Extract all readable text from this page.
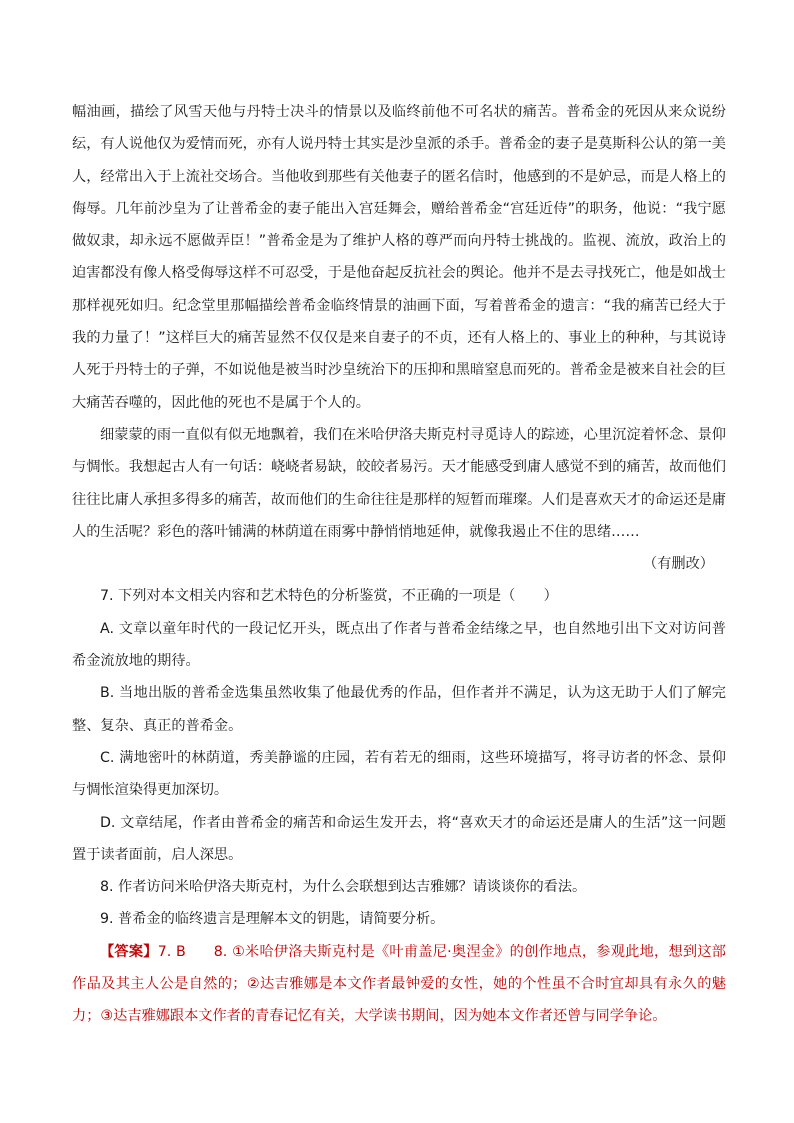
幅油画，描绘了风雪天他与丹特士决斗的情景以及临终前他不可名状的痛苦。普希金的死因从来众说纷纭，有人说他仅为爱情而死，亦有人说丹特士其实是沙皇派的杀手。普希金的妻子是莫斯科公认的第一美人，经常出入于上流社交场合。当他收到那些有关他妻子的匿名信时，他感到的不是妒忌，而是人格上的侮辱。几年前沙皇为了让普希金的妻子能出入宫廷舞会，赠给普希金“宫廷近侍”的职务，他说：“我宁愿做奴隶，却永远不愿做弄臣！”普希金是为了维护人格的尊严而向丹特士挑战的。监视、流放，政治上的迫害都没有像人格受侮辱这样不可忍受，于是他奋起反抗社会的舆论。他并不是去寻找死亡，他是如战士那样视死如归。纪念堂里那幅描绘普希金临终情景的油画下面，写着普希金的遗言：“我的痛苦已经大于我的力量了！”这样巨大的痛苦显然不仅仅是来自妻子的不贞，还有人格上的、事业上的种种，与其说诗人死于丹特士的子弹，不如说他是被当时沙皇统治下的压抑和黑暗窒息而死的。普希金是被来自社会的巨大痛苦吞噬的，因此他的死也不是属于个人的。

细蒙蒙的雨一直似有似无地飘着，我们在米哈伊洛夫斯克村寻觅诗人的踪迹，心里沉淀着怀念、景仰与惆怅。我想起古人有一句话：峣峣者易缺，皎皎者易污。天才能感受到庸人感觉不到的痛苦，故而他们往往比庸人承担多得多的痛苦，故而他们的生命往往是那样的短暂而璀璨。人们是喜欢天才的命运还是庸人的生活呢？彩色的落叶铺满的林荫道在雨雾中静悄悄地延伸，就像我遏止不住的思绪……

（有删改）

7. 下列对本文相关内容和艺术特色的分析鉴赏，不正确的一项是（　　）

A. 文章以童年时代的一段记忆开头，既点出了作者与普希金结缘之早，也自然地引出下文对访问普希金流放地的期待。

B. 当地出版的普希金选集虽然收集了他最优秀的作品，但作者并不满足，认为这无助于人们了解完整、复杂、真正的普希金。

C. 满地密叶的林荫道，秀美静谧的庄园，若有若无的细雨，这些环境描写，将寻访者的怀念、景仰与惆怅渲染得更加深切。

D. 文章结尾，作者由普希金的痛苦和命运生发开去，将“喜欢天才的命运还是庸人的生活”这一问题置于读者面前，启人深思。

8. 作者访问米哈伊洛夫斯克村，为什么会联想到达吉雅娜？请谈谈你的看法。

9. 普希金的临终遗言是理解本文的钥匙，请简要分析。

【答案】7. B 8. ①米哈伊洛夫斯克村是《叶甫盖尼·奥涅金》的创作地点，参观此地，想到这部作品及其主人公是自然的；②达吉雅娜是本文作者最钟爱的女性，她的个性虽不合时宜却具有永久的魅力；③达吉雅娜跟本文作者的青春记忆有关，大学读书期间，因为她本文作者还曾与同学争论。
